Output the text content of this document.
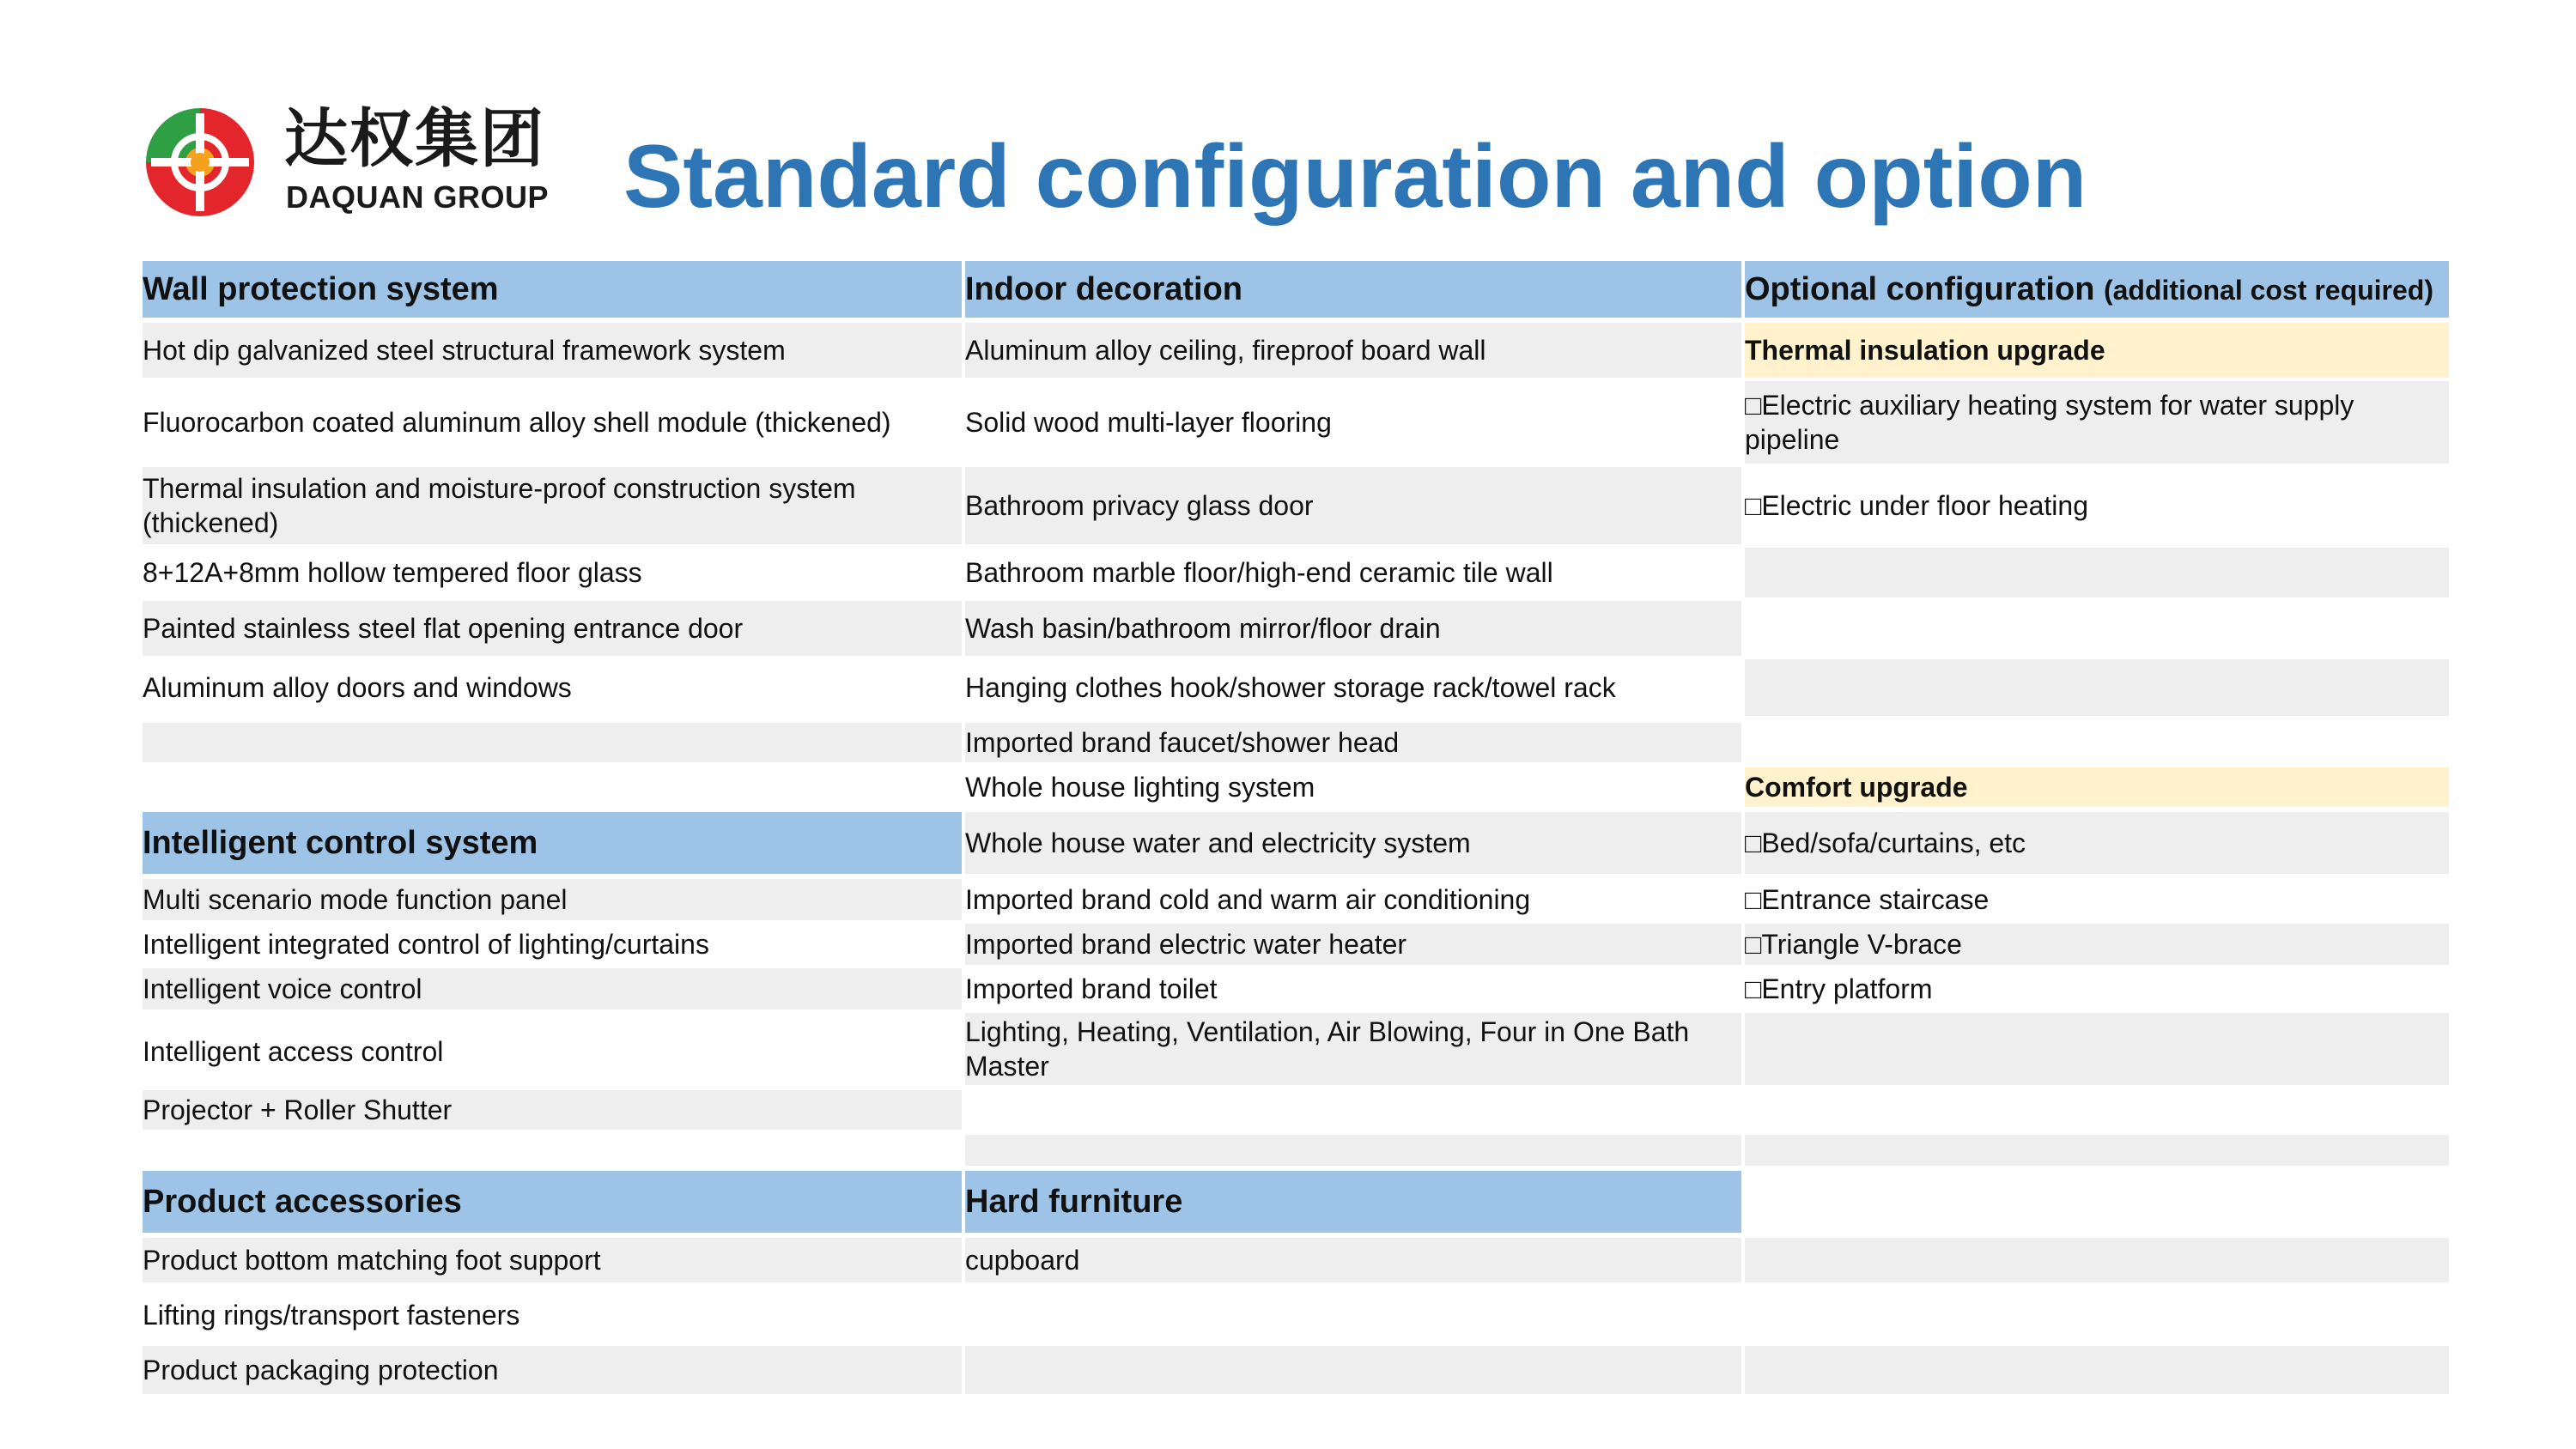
达权集团
DAQUAN GROUP Standard configuration and option
Wall protection system
Hot dip galvanized steel structural framework system
Fluorocarbon coated aluminum alloy shell module (thickened)
Thermal insulation and moisture-proof construction system (thickened)
8+12A+8mm hollow tempered floor glass
Painted stainless steel flat opening entrance door
Aluminum alloy doors and windows
Intelligent control system
Multi scenario mode function panel
Intelligent integrated control of lighting/curtains
Intelligent voice control
Intelligent access control
Projector + Roller Shutter
Product accessories
Product bottom matching foot support
Lifting rings/transport fasteners
Product packaging protection
Indoor decoration
Aluminum alloy ceiling, fireproof board wall
Solid wood multi-layer flooring
Bathroom privacy glass door
Bathroom marble floor/high-end ceramic tile wall
Wash basin/bathroom mirror/floor drain
Hanging clothes hook/shower storage rack/towel rack
Imported brand faucet/shower head
Whole house lighting system
Whole house water and electricity system
Imported brand cold and warm air conditioning
Imported brand electric water heater
Imported brand toilet
Lighting, Heating, Ventilation, Air Blowing, Four in One Bath Master
Hard furniture
cupboard
Optional configuration (additional cost required)
Thermal insulation upgrade
□Electric auxiliary heating system for water supply pipeline
□Electric under floor heating
Comfort upgrade
□Bed/sofa/curtains, etc
□Entrance staircase
□Triangle V-brace
□Entry platform
